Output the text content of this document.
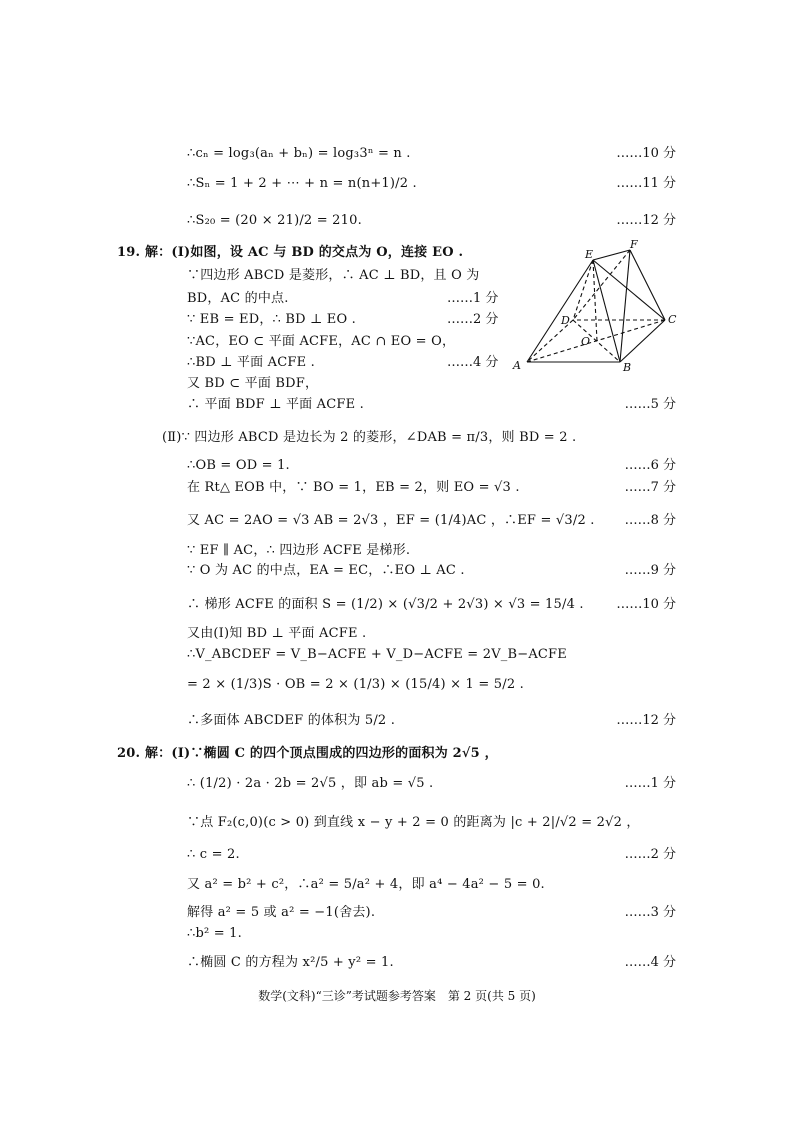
∴cₙ = log₃(aₙ + bₙ) = log₃3ⁿ = n .	……10 分
∴Sₙ = 1 + 2 + ⋯ + n = n(n+1)/2 .	……11 分
∴S₂₀ = (20 × 21)/2 = 210.	……12 分
19. 解：(Ⅰ)如图，设 AC 与 BD 的交点为 O，连接 EO .
∵四边形 ABCD 是菱形，∴ AC ⊥ BD，且 O 为
BD，AC 的中点.	……1 分
∵ EB = ED，∴ BD ⊥ EO .	……2 分
∵AC，EO ⊂ 平面 ACFE，AC ∩ EO = O，
∴BD ⊥ 平面 ACFE .	……4 分
又 BD ⊂ 平面 BDF，
∴ 平面 BDF ⊥ 平面 ACFE .	……5 分
E
F
D	C
O
A	B
(Ⅱ)∵ 四边形 ABCD 是边长为 2 的菱形，∠DAB = π/3，则 BD = 2 .
∴OB = OD = 1.	……6 分
在 Rt△ EOB 中，∵ BO = 1，EB = 2，则 EO = √3 .	……7 分
又 AC = 2AO = √3 AB = 2√3 ，EF = (1/4)AC ，∴EF = √3/2 . ……8 分
∵ EF ∥ AC，∴ 四边形 ACFE 是梯形.
∵ O 为 AC 的中点，EA = EC，∴EO ⊥ AC .	……9 分
∴ 梯形 ACFE 的面积 S = (1/2) × (√3/2 + 2√3) × √3 = 15/4 .	……10 分
又由(Ⅰ)知 BD ⊥ 平面 ACFE .
∴V_ABCDEF = V_B−ACFE + V_D−ACFE = 2V_B−ACFE
= 2 × (1/3)S · OB = 2 × (1/3) × (15/4) × 1 = 5/2 .
∴多面体 ABCDEF 的体积为 5/2 .	……12 分
20. 解：(Ⅰ)∵椭圆 C 的四个顶点围成的四边形的面积为 2√5 ，
∴ (1/2) · 2a · 2b = 2√5 ，即 ab = √5 .	……1 分
∵点 F₂(c,0)(c > 0) 到直线 x − y + 2 = 0 的距离为 |c + 2|/√2 = 2√2 ，
∴ c = 2.	……2 分
又 a² = b² + c²，∴a² = 5/a² + 4，即 a⁴ − 4a² − 5 = 0.
解得 a² = 5 或 a² = −1(舍去).	……3 分
∴b² = 1.
∴椭圆 C 的方程为 x²/5 + y² = 1.	……4 分
数学(文科)“三诊”考试题参考答案　第 2 页(共 5 页)
